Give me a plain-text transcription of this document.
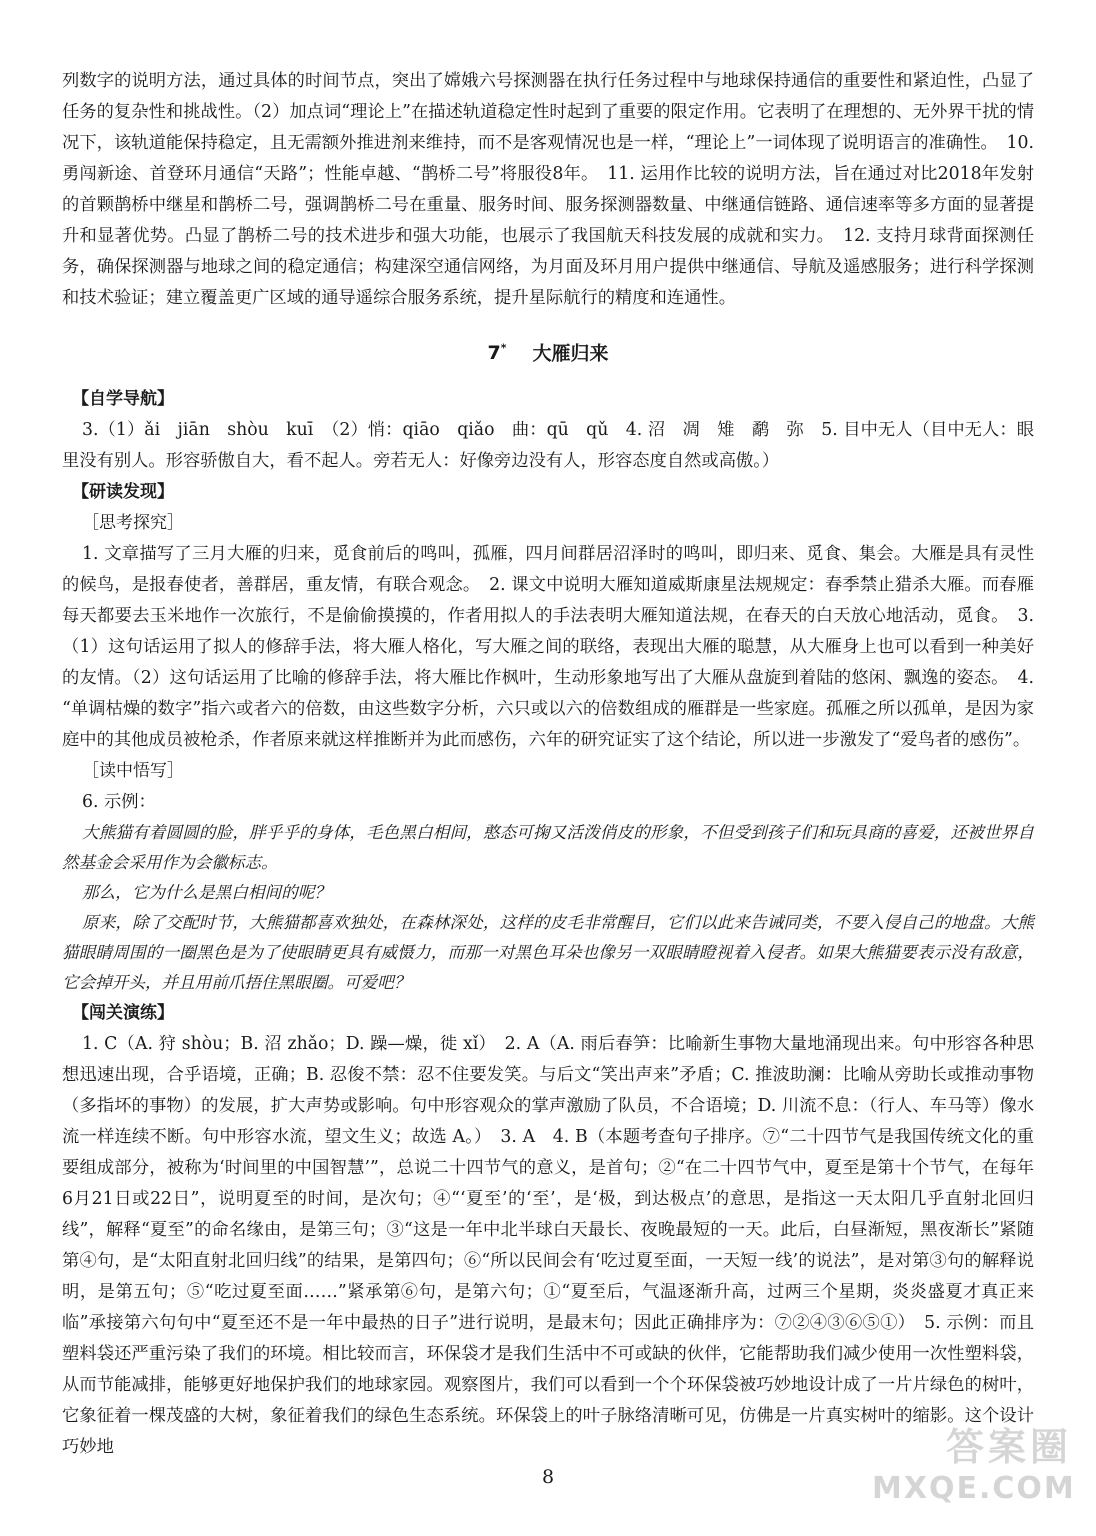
列数字的说明方法，通过具体的时间节点，突出了嫦娥六号探测器在执行任务过程中与地球保持通信的重要性和紧迫性，凸显了任务的复杂性和挑战性。（2）加点词“理论上”在描述轨道稳定性时起到了重要的限定作用。它表明了在理想的、无外界干扰的情况下，该轨道能保持稳定，且无需额外推进剂来维持，而不是客观情况也是一样，“理论上”一词体现了说明语言的准确性。　10. 勇闯新途、首登环月通信“天路”；性能卓越、“鹊桥二号”将服役8年。　11. 运用作比较的说明方法，旨在通过对比2018年发射的首颗鹊桥中继星和鹊桥二号，强调鹊桥二号在重量、服务时间、服务探测器数量、中继通信链路、通信速率等多方面的显著提升和显著优势。凸显了鹊桥二号的技术进步和强大功能，也展示了我国航天科技发展的成就和实力。　12. 支持月球背面探测任务，确保探测器与地球之间的稳定通信；构建深空通信网络，为月面及环月用户提供中继通信、导航及遥感服务；进行科学探测和技术验证；建立覆盖更广区域的通导遥综合服务系统，提升星际航行的精度和连通性。

7* 大雁归来
【自学导航】

3.（1）ǎi　jiān　shòu　kuī　（2）悄：qiāo　qiǎo　曲：qū　qǔ　4. 沼　凋　雉　鹬　弥　5. 目中无人（目中无人：眼里没有别人。形容骄傲自大，看不起人。旁若无人：好像旁边没有人，形容态度自然或高傲。）

【研读发现】
［思考探究］

1. 文章描写了三月大雁的归来，觅食前后的鸣叫，孤雁，四月间群居沼泽时的鸣叫，即归来、觅食、集会。大雁是具有灵性的候鸟，是报春使者，善群居，重友情，有联合观念。　2. 课文中说明大雁知道威斯康星法规规定：春季禁止猎杀大雁。而春雁每天都要去玉米地作一次旅行，不是偷偷摸摸的，作者用拟人的手法表明大雁知道法规，在春天的白天放心地活动，觅食。　3.（1）这句话运用了拟人的修辞手法，将大雁人格化，写大雁之间的联络，表现出大雁的聪慧，从大雁身上也可以看到一种美好的友情。（2）这句话运用了比喻的修辞手法，将大雁比作枫叶，生动形象地写出了大雁从盘旋到着陆的悠闲、飘逸的姿态。　4. “单调枯燥的数字”指六或者六的倍数，由这些数字分析，六只或以六的倍数组成的雁群是一些家庭。孤雁之所以孤单，是因为家庭中的其他成员被枪杀，作者原来就这样推断并为此而感伤，六年的研究证实了这个结论，所以进一步激发了“爱鸟者的感伤”。

［读中悟写］

6. 示例：

大熊猫有着圆圆的脸，胖乎乎的身体，毛色黑白相间，憨态可掬又活泼俏皮的形象，不但受到孩子们和玩具商的喜爱，还被世界自然基金会采用作为会徽标志。

那么，它为什么是黑白相间的呢？

原来，除了交配时节，大熊猫都喜欢独处，在森林深处，这样的皮毛非常醒目，它们以此来告诫同类，不要入侵自己的地盘。大熊猫眼睛周围的一圈黑色是为了使眼睛更具有威慑力，而那一对黑色耳朵也像另一双眼睛瞪视着入侵者。如果大熊猫要表示没有敌意，它会掉开头，并且用前爪捂住黑眼圈。可爱吧？

【闯关演练】

1. C（A. 狩 shòu；B. 沼 zhǎo；D. 躁—燥，徙 xǐ）　2. A（A. 雨后春笋：比喻新生事物大量地涌现出来。句中形容各种思想迅速出现，合乎语境，正确；B. 忍俊不禁：忍不住要发笑。与后文“笑出声来”矛盾；C. 推波助澜：比喻从旁助长或推动事物（多指坏的事物）的发展，扩大声势或影响。句中形容观众的掌声激励了队员，不合语境；D. 川流不息：（行人、车马等）像水流一样连续不断。句中形容水流，望文生义；故选 A。）　3. A　4. B（本题考查句子排序。⑦“二十四节气是我国传统文化的重要组成部分，被称为‘时间里的中国智慧’”，总说二十四节气的意义，是首句；②“在二十四节气中，夏至是第十个节气，在每年6月21日或22日”，说明夏至的时间，是次句；④“‘夏至’的‘至’，是‘极，到达极点’的意思，是指这一天太阳几乎直射北回归线”，解释“夏至”的命名缘由，是第三句；③“这是一年中北半球白天最长、夜晚最短的一天。此后，白昼渐短，黑夜渐长”紧随第④句，是“太阳直射北回归线”的结果，是第四句；⑥“所以民间会有‘吃过夏至面，一天短一线’的说法”，是对第③句的解释说明，是第五句；⑤“吃过夏至面……”紧承第⑥句，是第六句；①“夏至后，气温逐渐升高，过两三个星期，炎炎盛夏才真正来临”承接第六句句中“夏至还不是一年中最热的日子”进行说明，是最末句；因此正确排序为：⑦②④③⑥⑤①）　5. 示例：而且塑料袋还严重污染了我们的环境。相比较而言，环保袋才是我们生活中不可或缺的伙伴，它能帮助我们减少使用一次性塑料袋，从而节能减排，能够更好地保护我们的地球家园。观察图片，我们可以看到一个个环保袋被巧妙地设计成了一片片绿色的树叶，它象征着一棵茂盛的大树，象征着我们的绿色生态系统。环保袋上的叶子脉络清晰可见，仿佛是一片真实树叶的缩影。这个设计巧妙地

8
答案圈
MXQE.COM
